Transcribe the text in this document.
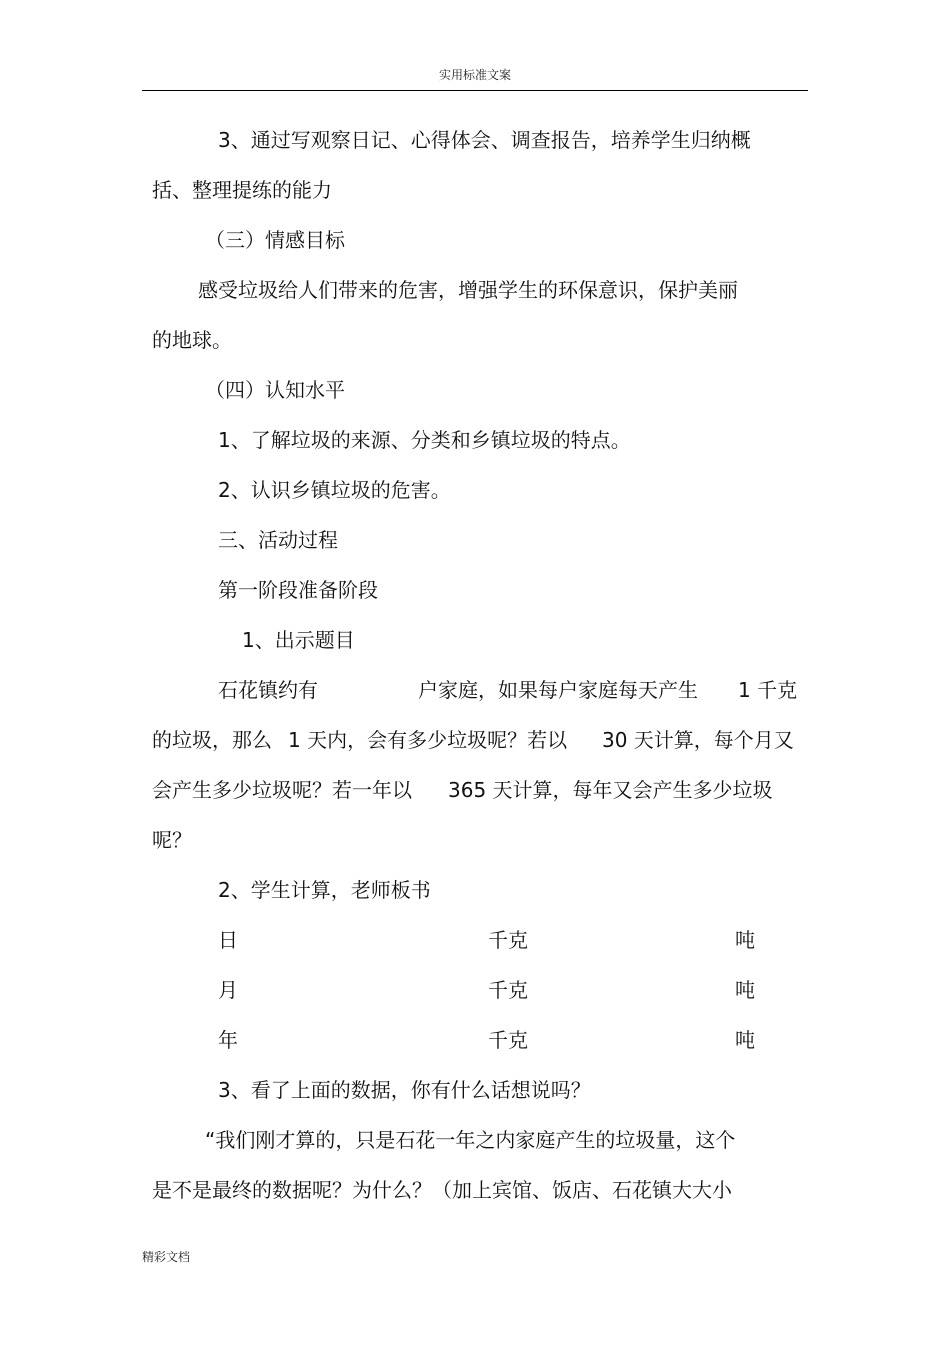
实用标准文案
3、通过写观察日记、心得体会、调查报告，培养学生归纳概
括、整理提练的能力
（三）情感目标
感受垃圾给人们带来的危害，增强学生的环保意识，保护美丽
的地球。
（四）认知水平
1、了解垃圾的来源、分类和乡镇垃圾的特点。
2、认识乡镇垃圾的危害。
三、活动过程
第一阶段准备阶段
1、出示题目
石花镇约有	户家庭，如果每户家庭每天产生 1 千克
的垃圾，那么 1 天内，会有多少垃圾呢？若以 30 天计算，每个月又
会产生多少垃圾呢？若一年以 365 天计算，每年又会产生多少垃圾
呢？
2、学生计算，老师板书
日	千克	吨
月	千克	吨
年	千克	吨
3、看了上面的数据，你有什么话想说吗？
“我们刚才算的，只是石花一年之内家庭产生的垃圾量，这个
是不是最终的数据呢？为什么？（加上宾馆、饭店、石花镇大大小
精彩文档
